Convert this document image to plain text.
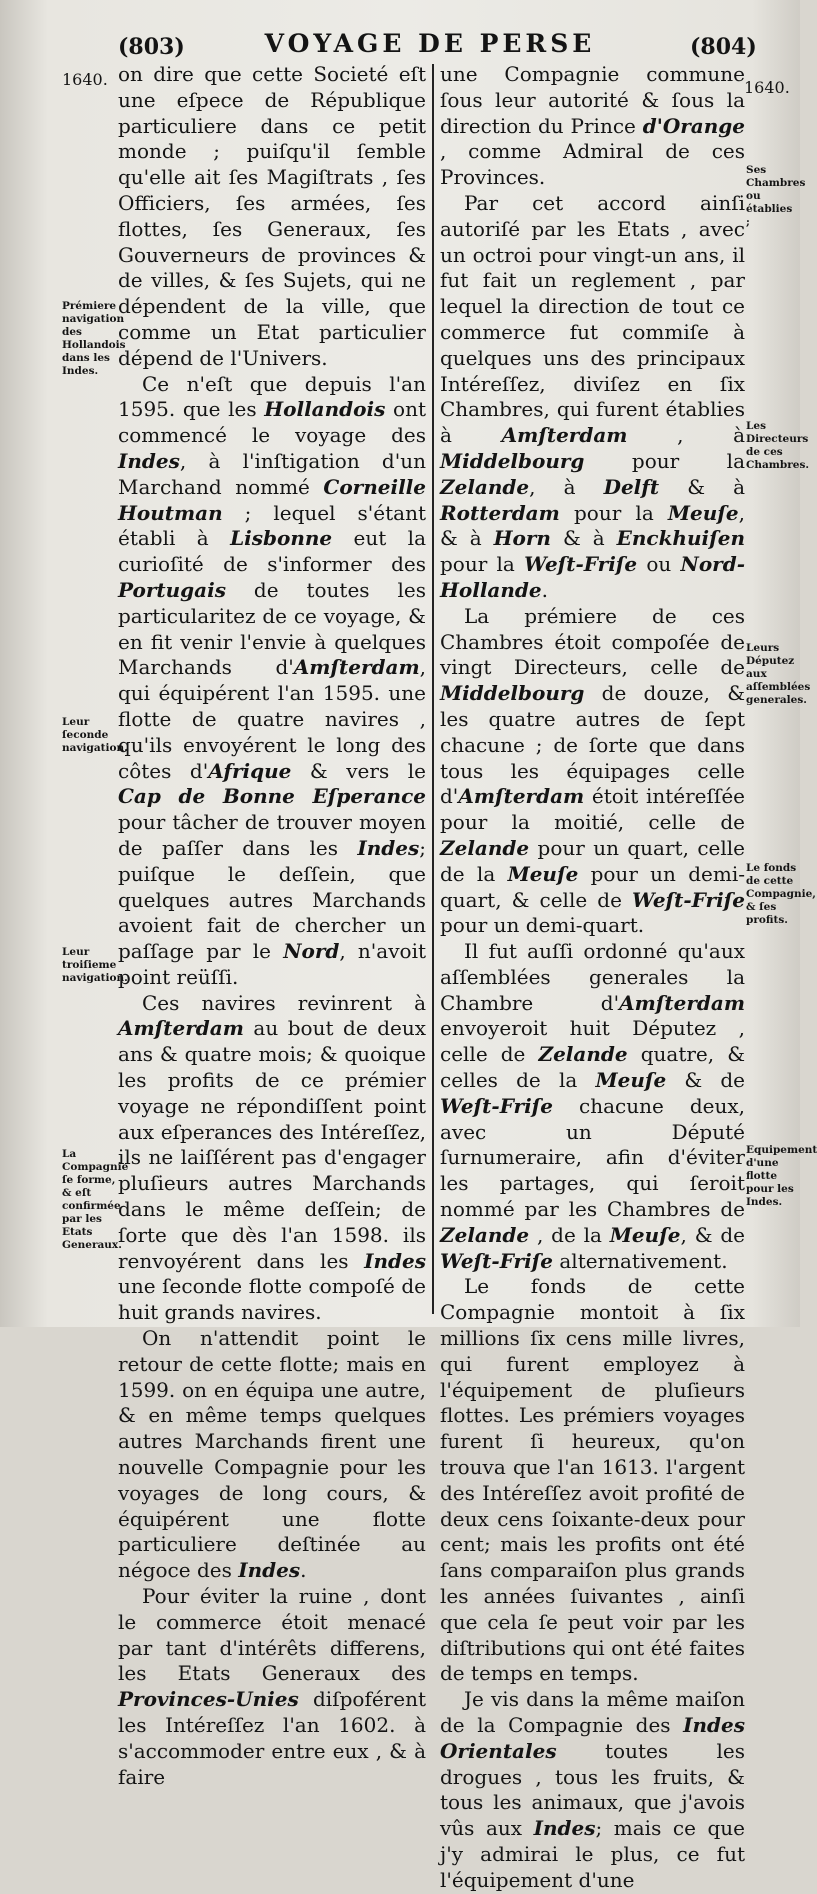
(803)	VOYAGE DE PERSE	(804)
1640.	1640.

on dire que cette Societé eſt une eſpece de République particuliere dans ce petit monde ; puiſqu'il ſemble qu'elle ait ſes Magiſtrats , ſes Officiers, ſes armées, ſes flottes, ſes Generaux, ſes Gouverneurs de provinces & de villes, & ſes Sujets, qui ne dépendent de la ville, que comme un Etat particulier dépend de l'Univers.

Ce n'eſt que depuis l'an 1595. que les Hollandois ont commencé le voyage des Indes, à l'inſtigation d'un Marchand nommé Corneille Houtman ; lequel s'étant établi à Lisbonne eut la curioſité de s'informer des Portugais de toutes les particularitez de ce voyage, & en fit venir l'envie à quelques Marchands d'Amſterdam, qui équipérent l'an 1595. une flotte de quatre navires , qu'ils envoyérent le long des côtes d'Afrique & vers le Cap de Bonne Eſperance pour tâcher de trouver moyen de paſſer dans les Indes; puiſque le deſſein, que quelques autres Marchands avoient fait de chercher un paſſage par le Nord, n'avoit point reüſſi.

Ces navires revinrent à Amſterdam au bout de deux ans & quatre mois; & quoique les profits de ce prémier voyage ne répondiſſent point aux eſperances des Intéreſſez, ils ne laiſſérent pas d'engager pluſieurs autres Marchands dans le même deſſein; de ſorte que dès l'an 1598. ils renvoyérent dans les Indes une ſeconde flotte compoſé de huit grands navires.

On n'attendit point le retour de cette flotte; mais en 1599. on en équipa une autre, & en même temps quelques autres Marchands firent une nouvelle Compagnie pour les voyages de long cours, & équipérent une flotte particuliere deſtinée au négoce des Indes.

Pour éviter la ruine , dont le commerce étoit menacé par tant d'intérêts differens, les Etats Generaux des Provinces-Unies diſpoférent les Intéreſſez l'an 1602. à s'accommoder entre eux , & à faire

une Compagnie commune ſous leur autorité & ſous la direction du Prince d'Orange , comme Admiral de ces Provinces.

Par cet accord ainſi autoriſé par les Etats , avec un octroi pour vingt-un ans, il fut fait un reglement , par lequel la direction de tout ce commerce fut commiſe à quelques uns des principaux Intéreſſez, diviſez en ſix Chambres, qui furent établies à Amſterdam , à Middelbourg pour la Zelande, à Delft & à Rotterdam pour la Meuſe, & à Horn & à Enckhuiſen pour la Weſt-Friſe ou Nord-Hollande.

La prémiere de ces Chambres étoit compoſée de vingt Directeurs, celle de Middelbourg de douze, & les quatre autres de ſept chacune ; de ſorte que dans tous les équipages celle d'Amſterdam étoit intéreſſée pour la moitié, celle de Zelande pour un quart, celle de la Meuſe pour un demi-quart, & celle de Weſt-Friſe pour un demi-quart.

Il fut auſſi ordonné qu'aux aſſemblées generales la Chambre d'Amſterdam envoyeroit huit Députez , celle de Zelande quatre, & celles de la Meuſe & de Weſt-Friſe chacune deux, avec un Député ſurnumeraire, afin d'éviter les partages, qui ſeroit nommé par les Chambres de Zelande , de la Meuſe, & de Weſt-Friſe alternativement.

Le fonds de cette Compagnie montoit à ſix millions ſix cens mille livres, qui furent employez à l'équipement de pluſieurs flottes. Les prémiers voyages furent ſi heureux, qu'on trouva que l'an 1613. l'argent des Intéreſſez avoit profité de deux cens ſoixante-deux pour cent; mais les profits ont été ſans comparaiſon plus grands les années ſuivantes , ainſi que cela ſe peut voir par les diſtributions qui ont été faites de temps en temps.

Je vis dans la même maiſon de la Compagnie des Indes Orientales toutes les drogues , tous les fruits, & tous les animaux, que j'avois vûs aux Indes; mais ce que j'y admirai le plus, ce fut l'équipement d'une

Prémiere navigation des Hollandois dans les Indes.
Leur ſeconde navigation.
Leur troiſieme navigation.
La Compagnie ſe forme, & eſt confirmée par les Etats Generaux.
Ses Chambres ou établies ;
Les Directeurs de ces Chambres.
Leurs Députez aux aſſemblées generales.
Le fonds de cette Compagnie, & ſes profits.
Equipement d'une flotte pour les Indes.
